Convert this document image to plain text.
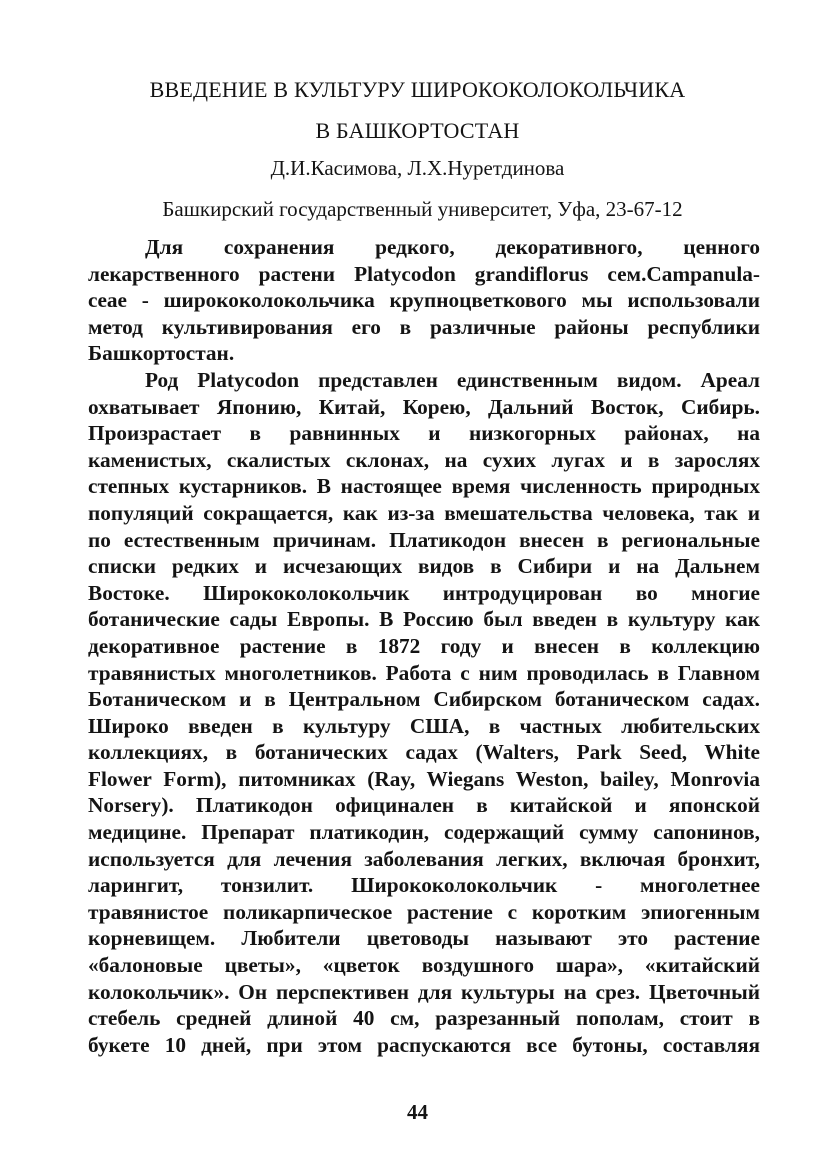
ВВЕДЕНИЕ В КУЛЬТУРУ ШИРОКОКОЛОКОЛЬЧИКА
В БАШКОРТОСТАН
Д.И.Касимова, Л.Х.Нуретдинова
Башкирский государственный университет, Уфа, 23-67-12

Для сохранения редкого, декоративного, ценного
лекарственного растени Platycodon grandiflorus сем.Campanula-
ceae - ширококолокольчика крупноцветкового мы использовали
метод культивирования его в различные районы республики
Башкортостан.

Род Platycodon представлен единственным видом. Ареал
охватывает Японию, Китай, Корею, Дальний Восток, Сибирь.
Произрастает в равнинных и низкогорных районах, на
каменистых, скалистых склонах, на сухих лугах и в зарослях
степных кустарников. В настоящее время численность природных
популяций сокращается, как из-за вмешательства человека, так и
по естественным причинам. Платикодон внесен в региональные
списки редких и исчезающих видов в Сибири и на Дальнем
Востоке. Ширококолокольчик интродуцирован во многие
ботанические сады Европы. В Россию был введен в культуру как
декоративное растение в 1872 году и внесен в коллекцию
травянистых многолетников. Работа с ним проводилась в Главном
Ботаническом и в Центральном Сибирском ботаническом садах.
Широко введен в культуру США, в частных любительских
коллекциях, в ботанических садах (Walters, Park Seed, White
Flower Form), питомниках (Ray, Wiegans Weston, bailey, Monrovia
Norsery). Платикодон официнален в китайской и японской
медицине. Препарат платикодин, содержащий сумму сапонинов,
используется для лечения заболевания легких, включая бронхит,
ларингит, тонзилит. Ширококолокольчик - многолетнее
травянистое поликарпическое растение с коротким эпиогенным
корневищем. Любители цветоводы называют это растение
«балоновые цветы», «цветок воздушного шара», «китайский
колокольчик». Он перспективен для культуры на срез. Цветочный
стебель средней длиной 40 см, разрезанный пополам, стоит в
букете 10 дней, при этом распускаются все бутоны, составляя

44
